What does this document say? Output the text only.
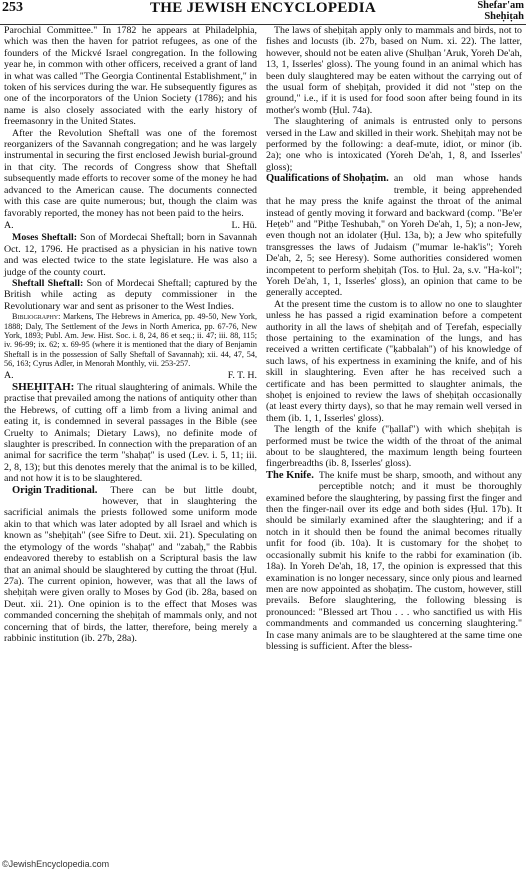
253	THE JEWISH ENCYCLOPEDIA	Shefar'am
Sheḥiṭah

Parochial Committee." In 1782 he appears at Philadelphia, which was then the haven for patriot refugees, as one of the founders of the Mickvé Israel congregation. In the following year he, in common with other officers, received a grant of land in what was called "The Georgia Continental Establishment," in token of his services during the war. He subsequently figures as one of the incorporators of the Union Society (1786); and his name is also closely associated with the early history of freemasonry in the United States.

After the Revolution Sheftall was one of the foremost reorganizers of the Savannah congregation; and he was largely instrumental in securing the first enclosed Jewish burial-ground in that city. The records of Congress show that Sheftall subsequently made efforts to recover some of the money he had advanced to the American cause. The documents connected with this case are quite numerous; but, though the claim was favorably reported, the money has not been paid to the heirs.

A.	L. Hü.

Moses Sheftall: Son of Mordecai Sheftall; born in Savannah Oct. 12, 1796. He practised as a physician in his native town and was elected twice to the state legislature. He was also a judge of the county court.

Sheftall Sheftall: Son of Mordecai Sheftall; captured by the British while acting as deputy commissioner in the Revolutionary war and sent as prisoner to the West Indies.

Bibliography: Markens, The Hebrews in America, pp. 49-50, New York, 1888; Daly, The Settlement of the Jews in North America, pp. 67-76, New York, 1893; Publ. Am. Jew. Hist. Soc. i. 8, 24, 86 et seq.; ii. 47; iii. 88, 115; iv. 96-99; ix. 62; x. 69-95 (where it is mentioned that the diary of Benjamin Sheftall is in the possession of Sally Sheftall of Savannah); xii. 44, 47, 54, 56, 163; Cyrus Adler, in Menorah Monthly, vii. 253-257.

A.	F. T. H.

SHEḤIṬAH: The ritual slaughtering of animals. While the practise that prevailed among the nations of antiquity other than the Hebrews, of cutting off a limb from a living animal and eating it, is condemned in several passages in the Bible (see Cruelty to Animals; Dietary Laws), no definite mode of slaughter is prescribed. In connection with the preparation of an animal for sacrifice the term "shaḥaṭ" is used (Lev. i. 5, 11; iii. 2, 8, 13); but this denotes merely that the animal is to be killed, and not how it is to be slaughtered.

Origin Traditional. There can be but little doubt, however, that in slaughtering the sacrificial animals the priests followed some uniform mode akin to that which was later adopted by all Israel and which is known as "sheḥiṭah" (see Sifre to Deut. xii. 21). Speculating on the etymology of the words "shaḥaṭ" and "zabaḥ," the Rabbis endeavored thereby to establish on a Scriptural basis the law that an animal should be slaughtered by cutting the throat (Ḥul. 27a). The current opinion, however, was that all the laws of sheḥiṭah were given orally to Moses by God (ib. 28a, based on Deut. xii. 21). One opinion is to the effect that Moses was commanded concerning the sheḥiṭah of mammals only, and not concerning that of birds, the latter, therefore, being merely a rabbinic institution (ib. 27b, 28a).

The laws of sheḥiṭah apply only to mammals and birds, not to fishes and locusts (ib. 27b, based on Num. xi. 22). The latter, however, should not be eaten alive (Shulḥan 'Aruk, Yoreh De'ah, 13, 1, Isserles' gloss). The young found in an animal which has been duly slaughtered may be eaten without the carrying out of the usual form of sheḥiṭah, provided it did not "step on the ground," i.e., if it is used for food soon after being found in its mother's womb (Ḥul. 74a).

The slaughtering of animals is entrusted only to persons versed in the Law and skilled in their work. Sheḥiṭah may not be performed by the following: a deaf-mute, idiot, or minor (ib. 2a); one who is intoxicated (Yoreh De'ah, 1, 8, and Isserles' gloss);

Qualifications of Shoḥaṭim. an old man whose hands tremble, it being apprehended that he may press the knife against the throat of the animal instead of gently moving it forward and backward (comp. "Be'er Heṭeb" and "Pitḥe Teshubah," on Yoreh De'ah, 1, 5); a non-Jew, even though not an idolater (Ḥul. 13a, b); a Jew who spitefully transgresses the laws of Judaism ("mumar le-hak'is"; Yoreh De'ah, 2, 5; see Heresy). Some authorities considered women incompetent to perform sheḥiṭah (Tos. to Ḥul. 2a, s.v. "Ha-kol"; Yoreh De'ah, 1, 1, Isserles' gloss), an opinion that came to be generally accepted.

At the present time the custom is to allow no one to slaughter unless he has passed a rigid examination before a competent authority in all the laws of sheḥiṭah and of Ṭerefah, especially those pertaining to the examination of the lungs, and has received a written certificate ("ḳabbalah") of his knowledge of such laws, of his expertness in examining the knife, and of his skill in slaughtering. Even after he has received such a certificate and has been permitted to slaughter animals, the shoḥeṭ is enjoined to review the laws of sheḥiṭah occasionally (at least every thirty days), so that he may remain well versed in them (ib. 1, 1, Isserles' gloss).

The length of the knife ("ḥallaf") with which sheḥiṭah is performed must be twice the width of the throat of the animal about to be slaughtered, the maximum length being fourteen fingerbreadths (ib. 8, Isserles' gloss).

The Knife. The knife must be sharp, smooth, and without any perceptible notch; and it must be thoroughly examined before the slaughtering, by passing first the finger and then the finger-nail over its edge and both sides (Ḥul. 17b). It should be similarly examined after the slaughtering; and if a notch in it should then be found the animal becomes ritually unfit for food (ib. 10a). It is customary for the shoḥeṭ to occasionally submit his knife to the rabbi for examination (ib. 18a). In Yoreh De'ah, 18, 17, the opinion is expressed that this examination is no longer necessary, since only pious and learned men are now appointed as shoḥaṭim. The custom, however, still prevails. Before slaughtering, the following blessing is pronounced: "Blessed art Thou . . . who sanctified us with His commandments and commanded us concerning slaughtering." In case many animals are to be slaughtered at the same time one blessing is sufficient. After the bless-

©JewishEncyclopedia.com
